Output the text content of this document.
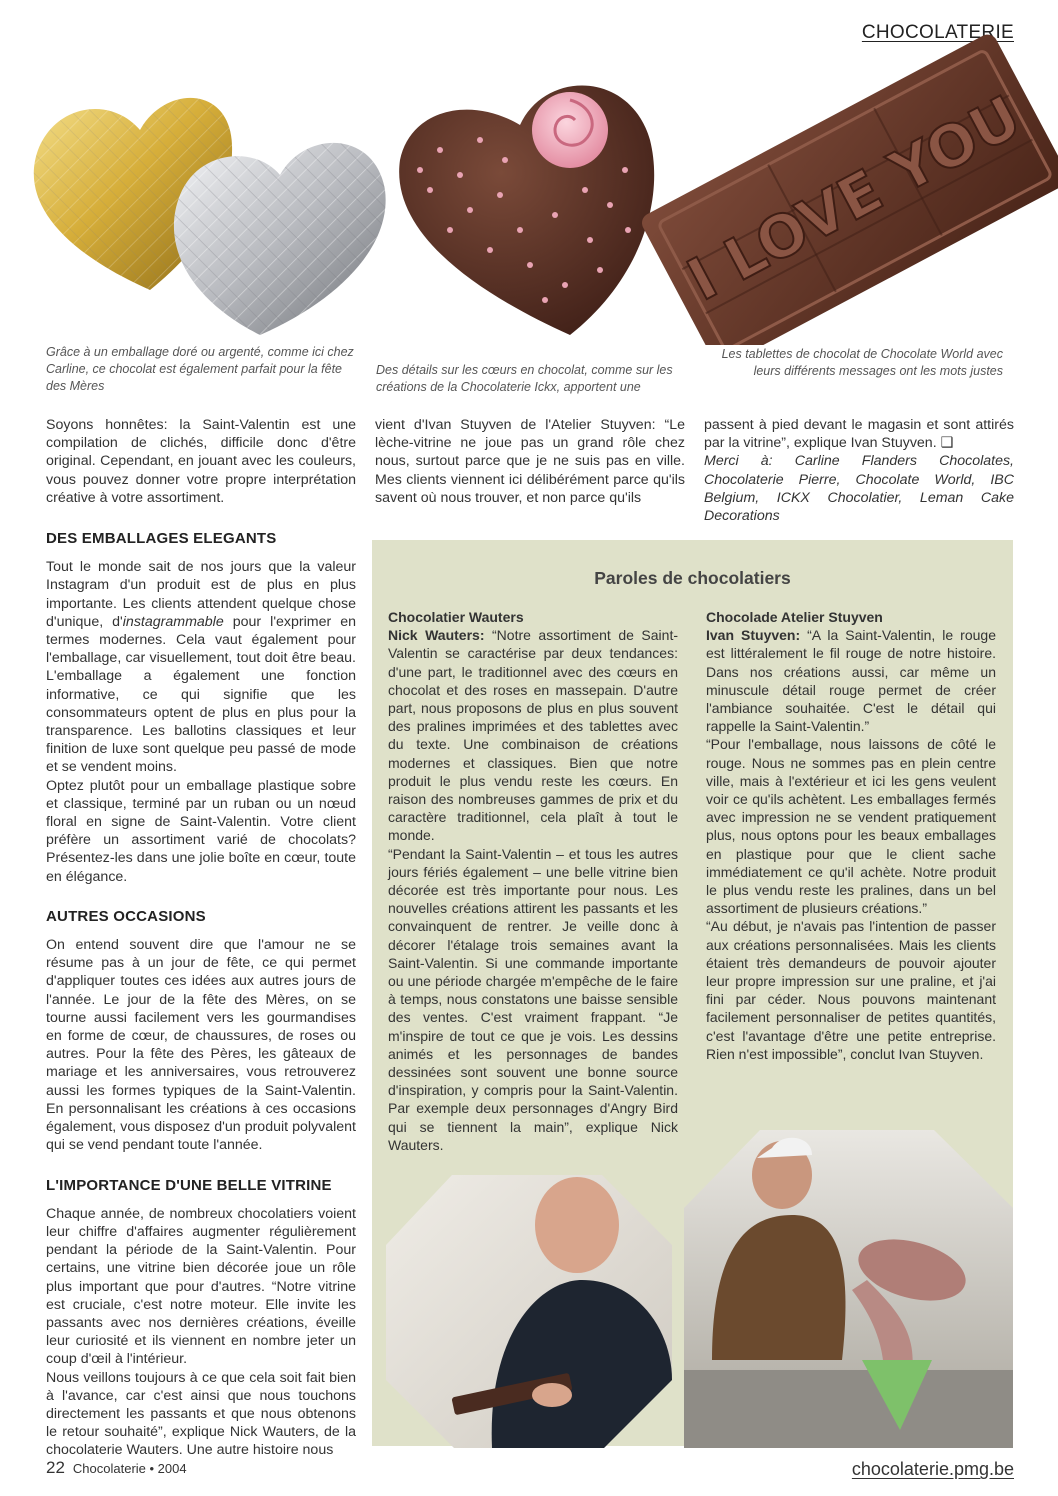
CHOCOLATERIE
I LOVE YOU
Grâce à un emballage doré ou argenté, comme ici chez Carline, ce chocolat est également parfait pour la fête des Mères
Des détails sur les cœurs en chocolat, comme sur les créations de la Chocolaterie Ickx, apportent une
Les tablettes de chocolat de Chocolate World avec leurs différents messages ont les mots justes

Soyons honnêtes: la Saint-Valentin est une compilation de clichés, difficile donc d'être original. Cependant, en jouant avec les couleurs, vous pouvez donner votre propre interprétation créative à votre assortiment.

vient d'Ivan Stuyven de l'Atelier Stuyven: “Le lèche-vitrine ne joue pas un grand rôle chez nous, surtout parce que je ne suis pas en ville. Mes clients viennent ici délibérément parce qu'ils savent où nous trouver, et non parce qu'ils

passent à pied devant le magasin et sont attirés par la vitrine”, explique Ivan Stuyven. ❑

Merci à: Carline Flanders Chocolates, Chocolaterie Pierre, Chocolate World, IBC Belgium, ICKX Chocolatier, Leman Cake Decorations

DES EMBALLAGES ELEGANTS

Tout le monde sait de nos jours que la valeur Instagram d'un produit est de plus en plus importante. Les clients attendent quelque chose d'unique, d'instagrammable pour l'exprimer en termes modernes. Cela vaut également pour l'emballage, car visuellement, tout doit être beau. L'emballage a également une fonction informative, ce qui signifie que les consommateurs optent de plus en plus pour la transparence. Les ballotins classiques et leur finition de luxe sont quelque peu passé de mode et se vendent moins.

Optez plutôt pour un emballage plastique sobre et classique, terminé par un ruban ou un nœud floral en signe de Saint-Valentin. Votre client préfère un assortiment varié de chocolats? Présentez-les dans une jolie boîte en cœur, toute en élégance.

AUTRES OCCASIONS

On entend souvent dire que l'amour ne se résume pas à un jour de fête, ce qui permet d'appliquer toutes ces idées aux autres jours de l'année. Le jour de la fête des Mères, on se tourne aussi facilement vers les gourmandises en forme de cœur, de chaussures, de roses ou autres. Pour la fête des Pères, les gâteaux de mariage et les anniversaires, vous retrouverez aussi les formes typiques de la Saint-Valentin. En personnalisant les créations à ces occasions également, vous disposez d'un produit polyvalent qui se vend pendant toute l'année.

L'IMPORTANCE D'UNE BELLE VITRINE

Chaque année, de nombreux chocolatiers voient leur chiffre d'affaires augmenter régulièrement pendant la période de la Saint-Valentin. Pour certains, une vitrine bien décorée joue un rôle plus important que pour d'autres. “Notre vitrine est cruciale, c'est notre moteur. Elle invite les passants avec nos dernières créations, éveille leur curiosité et ils viennent en nombre jeter un coup d'œil à l'intérieur.

Nous veillons toujours à ce que cela soit fait bien à l'avance, car c'est ainsi que nous touchons directement les passants et que nous obtenons le retour souhaité”, explique Nick Wauters, de la chocolaterie Wauters. Une autre histoire nous

Paroles de chocolatiers
Chocolatier Wauters

Nick Wauters: “Notre assortiment de Saint-Valentin se caractérise par deux tendances: d'une part, le traditionnel avec des cœurs en chocolat et des roses en massepain. D'autre part, nous proposons de plus en plus souvent des pralines imprimées et des tablettes avec du texte. Une combinaison de créations modernes et classiques. Bien que notre produit le plus vendu reste les cœurs. En raison des nombreuses gammes de prix et du caractère traditionnel, cela plaît à tout le monde.

“Pendant la Saint-Valentin – et tous les autres jours fériés également – une belle vitrine bien décorée est très importante pour nous. Les nouvelles créations attirent les passants et les convainquent de rentrer. Je veille donc à décorer l'étalage trois semaines avant la Saint-Valentin. Si une commande importante ou une période chargée m'empêche de le faire à temps, nous constatons une baisse sensible des ventes. C'est vraiment frappant. “Je m'inspire de tout ce que je vois. Les dessins animés et les personnages de bandes dessinées sont souvent une bonne source d'inspiration, y compris pour la Saint-Valentin. Par exemple deux personnages d'Angry Bird qui se tiennent la main”, explique Nick Wauters.

Chocolade Atelier Stuyven

Ivan Stuyven: “A la Saint-Valentin, le rouge est littéralement le fil rouge de notre histoire. Dans nos créations aussi, car même un minuscule détail rouge permet de créer l'ambiance souhaitée. C'est le détail qui rappelle la Saint-Valentin.”

“Pour l'emballage, nous laissons de côté le rouge. Nous ne sommes pas en plein centre ville, mais à l'extérieur et ici les gens veulent voir ce qu'ils achètent. Les emballages fermés avec impression ne se vendent pratiquement plus, nous optons pour les beaux emballages en plastique pour que le client sache immédiatement ce qu'il achète. Notre produit le plus vendu reste les pralines, dans un bel assortiment de plusieurs créations.”

“Au début, je n'avais pas l'intention de passer aux créations personnalisées. Mais les clients étaient très demandeurs de pouvoir ajouter leur propre impression sur une praline, et j'ai fini par céder. Nous pouvons maintenant facilement personnaliser de petites quantités, c'est l'avantage d'être une petite entreprise. Rien n'est impossible”, conclut Ivan Stuyven.

22 Chocolaterie • 2004	chocolaterie.pmg.be
